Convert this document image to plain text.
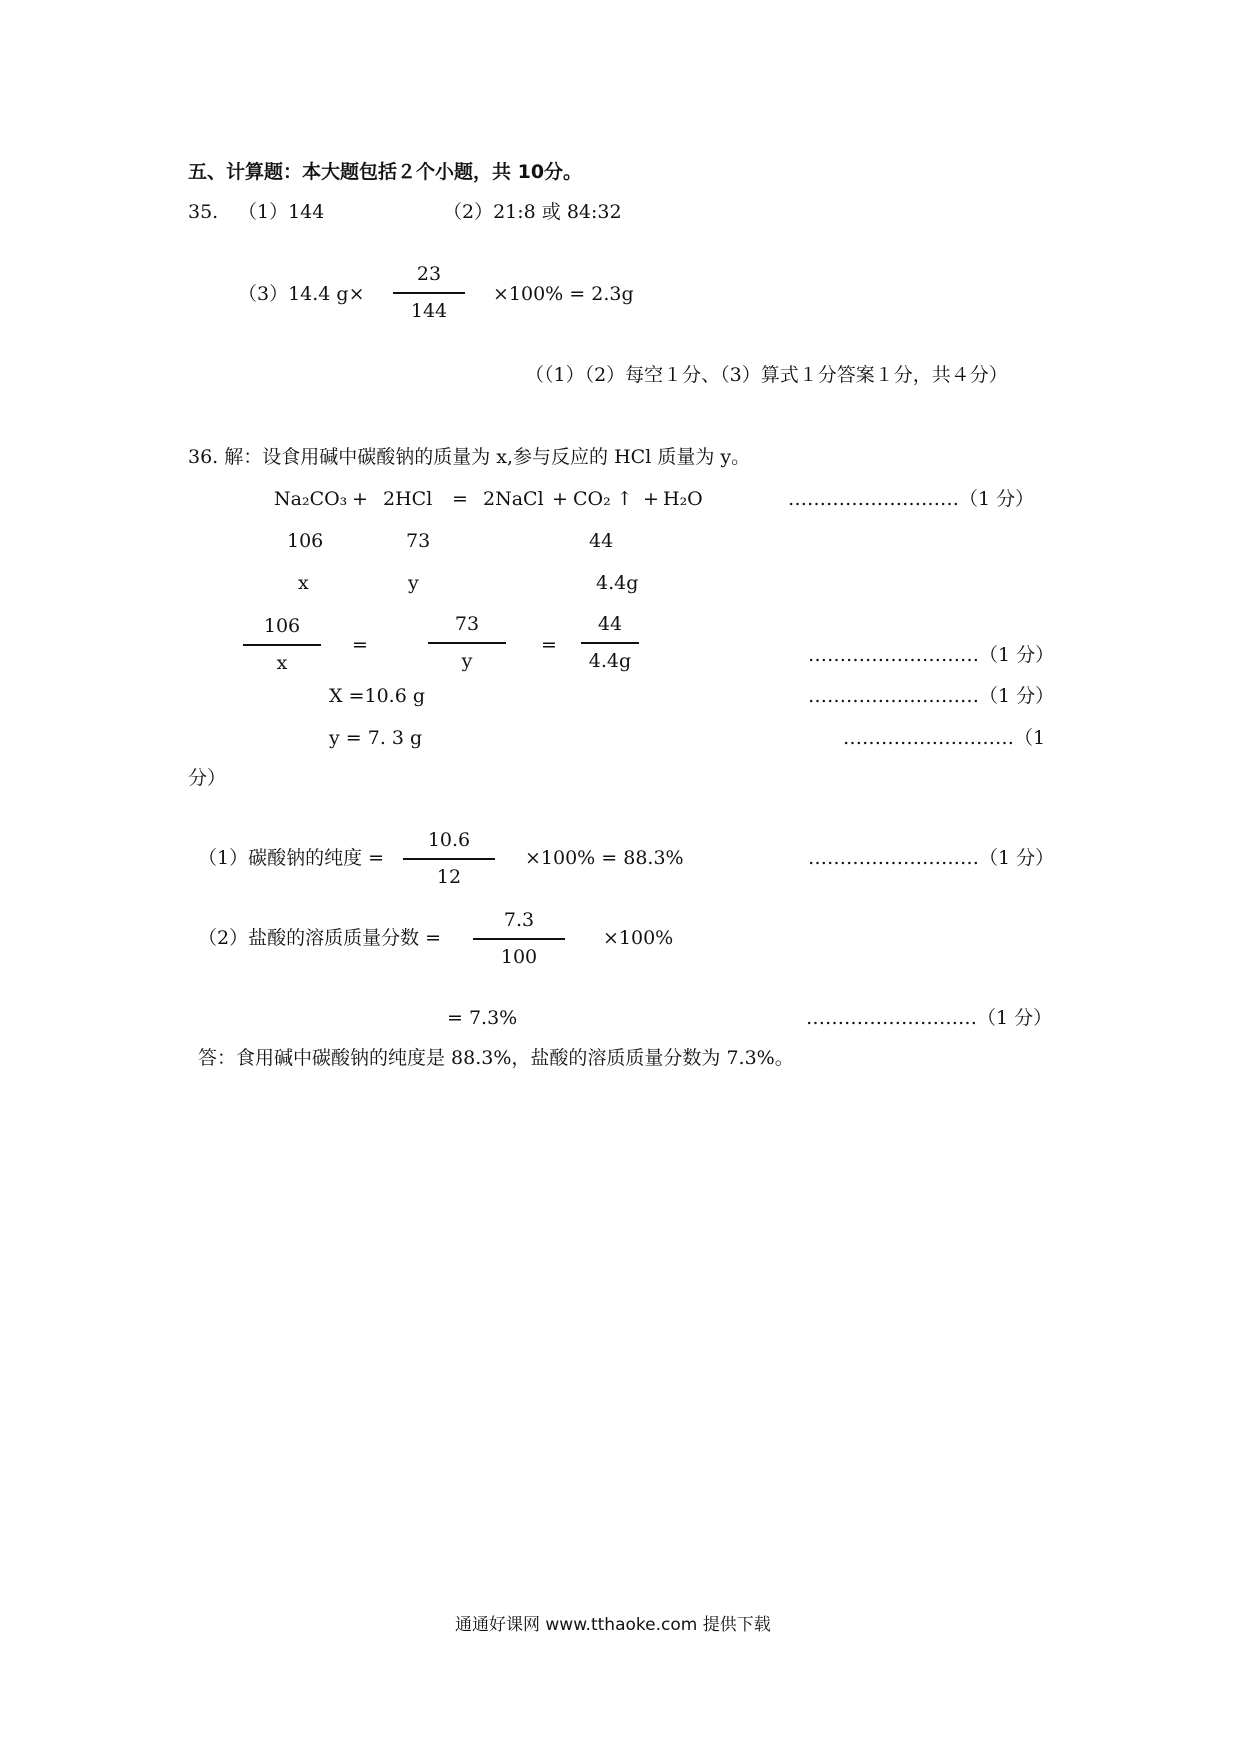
五、计算题：本大题包括２个小题，共 10分。
35. （1）144	（2）21:8 或 84:32
（3）14.4 g×
23
144
×100% = 2.3g
（（1）（2）每空１分、（3）算式１分答案１分，共４分）
36. 解：设食用碱中碳酸钠的质量为 x,参与反应的 HCl 质量为 y。
Na₂CO₃ + 2HCl = 2NaCl + CO₂ ↑ + H₂O	………………………（1 分）
106	73	44
x	y	4.4g
106
x
=
73
y
=
44
4.4g	………………………（1 分）
X =10.6 g	………………………（1 分）
y = 7. 3 g	………………………（1
分）
（1）碳酸钠的纯度 =
10.6
12
×100% = 88.3%	………………………（1 分）
（2）盐酸的溶质质量分数 =
7.3
100
×100%
= 7.3%	………………………（1 分）
答：食用碱中碳酸钠的纯度是 88.3%，盐酸的溶质质量分数为 7.3%。
通通好课网 www.tthaoke.com 提供下载
